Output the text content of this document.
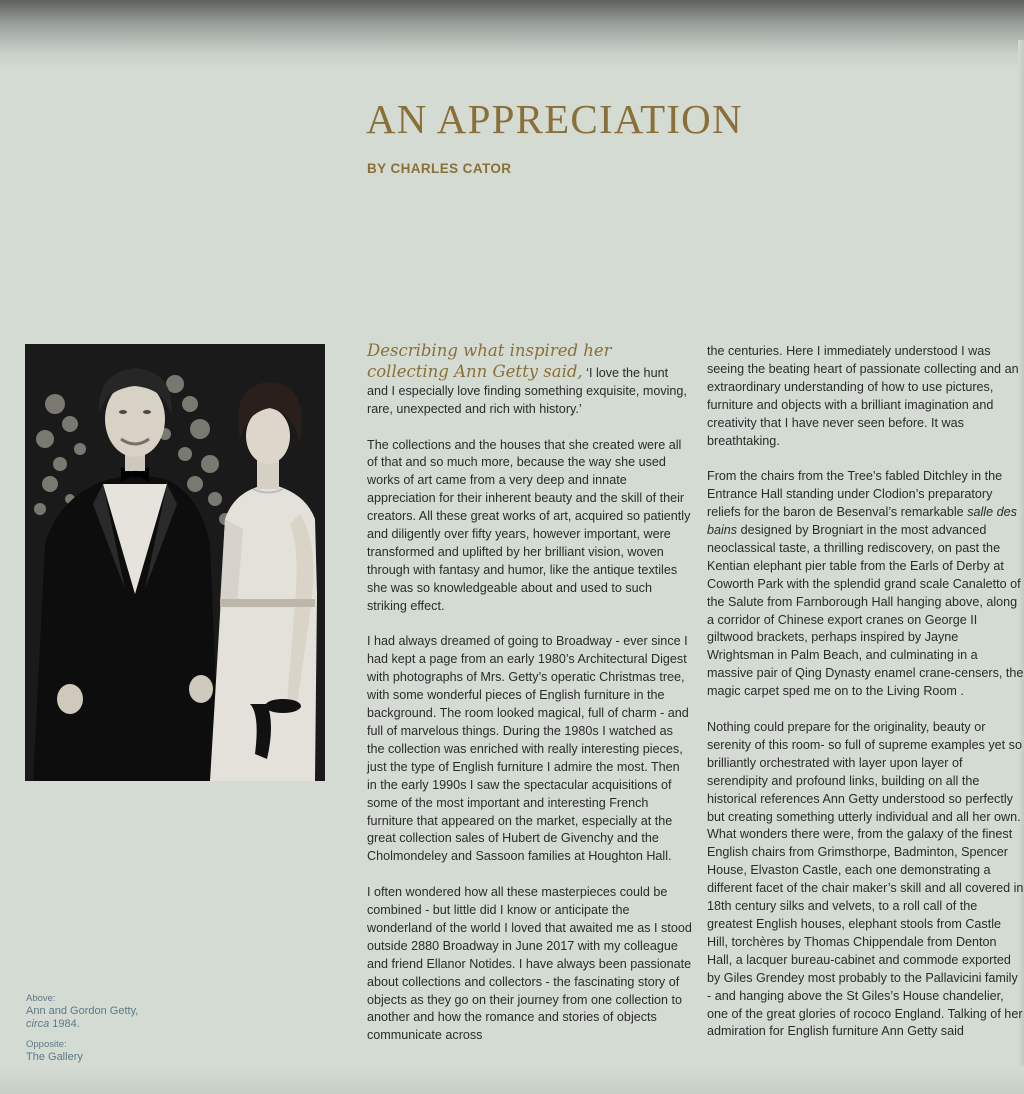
AN APPRECIATION
BY CHARLES CATOR
Above:
Ann and Gordon Getty,
circa 1984.
Opposite:
The Gallery

Describing what inspired her
collecting Ann Getty said, ‘I love the hunt and I especially love finding something exquisite, moving, rare, unexpected and rich with history.’

The collections and the houses that she created were all of that and so much more, because the way she used works of art came from a very deep and innate appreciation for their inherent beauty and the skill of their creators. All these great works of art, acquired so patiently and diligently over fifty years, however important, were transformed and uplifted by her brilliant vision, woven through with fantasy and humor, like the antique textiles she was so knowledgeable about and used to such striking effect.

I had always dreamed of going to Broadway - ever since I had kept a page from an early 1980’s Architectural Digest with photographs of Mrs. Getty’s operatic Christmas tree, with some wonderful pieces of English furniture in the background. The room looked magical, full of charm - and full of marvelous things. During the 1980s I watched as the collection was enriched with really interesting pieces, just the type of English furniture I admire the most. Then in the early 1990s I saw the spectacular acquisitions of some of the most important and interesting French furniture that appeared on the market, especially at the great collection sales of Hubert de Givenchy and the Cholmondeley and Sassoon families at Houghton Hall.

I often wondered how all these masterpieces could be combined - but little did I know or anticipate the wonderland of the world I loved that awaited me as I stood outside 2880 Broadway in June 2017 with my colleague and friend Ellanor Notides. I have always been passionate about collections and collectors - the fascinating story of objects as they go on their journey from one collection to another and how the romance and stories of objects communicate across

the centuries. Here I immediately understood I was seeing the beating heart of passionate collecting and an extraordinary understanding of how to use pictures, furniture and objects with a brilliant imagination and creativity that I have never seen before. It was breathtaking.

From the chairs from the Tree’s fabled Ditchley in the Entrance Hall standing under Clodion’s preparatory reliefs for the baron de Besenval’s remarkable salle des bains designed by Brogniart in the most advanced neoclassical taste, a thrilling rediscovery, on past the Kentian elephant pier table from the Earls of Derby at Coworth Park with the splendid grand scale Canaletto of the Salute from Farnborough Hall hanging above, along a corridor of Chinese export cranes on George II giltwood brackets, perhaps inspired by Jayne Wrightsman in Palm Beach, and culminating in a massive pair of Qing Dynasty enamel crane-censers, the magic carpet sped me on to the Living Room .

Nothing could prepare for the originality, beauty or serenity of this room- so full of supreme examples yet so brilliantly orchestrated with layer upon layer of serendipity and profound links, building on all the historical references Ann Getty understood so perfectly but creating something utterly individual and all her own. What wonders there were, from the galaxy of the finest English chairs from Grimsthorpe, Badminton, Spencer House, Elvaston Castle, each one demonstrating a different facet of the chair maker’s skill and all covered in 18th century silks and velvets, to a roll call of the greatest English houses, elephant stools from Castle Hill, torchères by Thomas Chippendale from Denton Hall, a lacquer bureau-cabinet and commode exported by Giles Grendey most probably to the Pallavicini family - and hanging above the St Giles’s House chandelier, one of the great glories of rococo England. Talking of her admiration for English furniture Ann Getty said
